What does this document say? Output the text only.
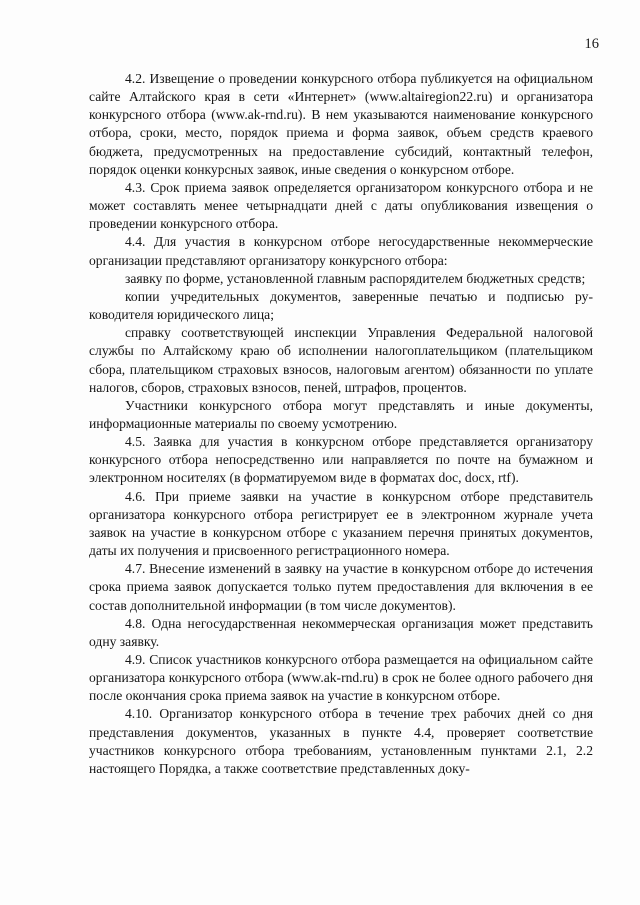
16

4.2. Извещение о проведении конкурсного отбора публикуется на официальном сайте Алтайского края в сети «Интернет» (www.altairegion22.ru) и организатора конкурсного отбора (www.ak-rnd.ru). В нем указываются наименование конкурсного отбора, сроки, место, порядок приема и форма заявок, объем средств краевого бюджета, предусмотренных на предоставление субсидий, контактный телефон, порядок оценки конкурсных заявок, иные сведения о конкурсном отборе.

4.3. Срок приема заявок определяется организатором конкурсного отбора и не может составлять менее четырнадцати дней с даты опубликования извещения о проведении конкурсного отбора.

4.4. Для участия в конкурсном отборе негосударственные некоммерческие организации представляют организатору конкурсного отбора:

заявку по форме, установленной главным распорядителем бюджетных средств;

копии учредительных документов, заверенные печатью и подписью руководителя юридического лица;

справку соответствующей инспекции Управления Федеральной налоговой службы по Алтайскому краю об исполнении налогоплательщиком (плательщиком сбора, плательщиком страховых взносов, налоговым агентом) обязанности по уплате налогов, сборов, страховых взносов, пеней, штрафов, процентов.

Участники конкурсного отбора могут представлять и иные документы, информационные материалы по своему усмотрению.

4.5. Заявка для участия в конкурсном отборе представляется организатору конкурсного отбора непосредственно или направляется по почте на бумажном и электронном носителях (в форматируемом виде в форматах doc, docx, rtf).

4.6. При приеме заявки на участие в конкурсном отборе представитель организатора конкурсного отбора регистрирует ее в электронном журнале учета заявок на участие в конкурсном отборе с указанием перечня принятых документов, даты их получения и присвоенного регистрационного номера.

4.7. Внесение изменений в заявку на участие в конкурсном отборе до истечения срока приема заявок допускается только путем предоставления для включения в ее состав дополнительной информации (в том числе документов).

4.8. Одна негосударственная некоммерческая организация может представить одну заявку.

4.9. Список участников конкурсного отбора размещается на официальном сайте организатора конкурсного отбора (www.ak-rnd.ru) в срок не более одного рабочего дня после окончания срока приема заявок на участие в конкурсном отборе.

4.10. Организатор конкурсного отбора в течение трех рабочих дней со дня представления документов, указанных в пункте 4.4, проверяет соответствие участников конкурсного отбора требованиям, установленным пунктами 2.1, 2.2 настоящего Порядка, а также соответствие представленных доку-
